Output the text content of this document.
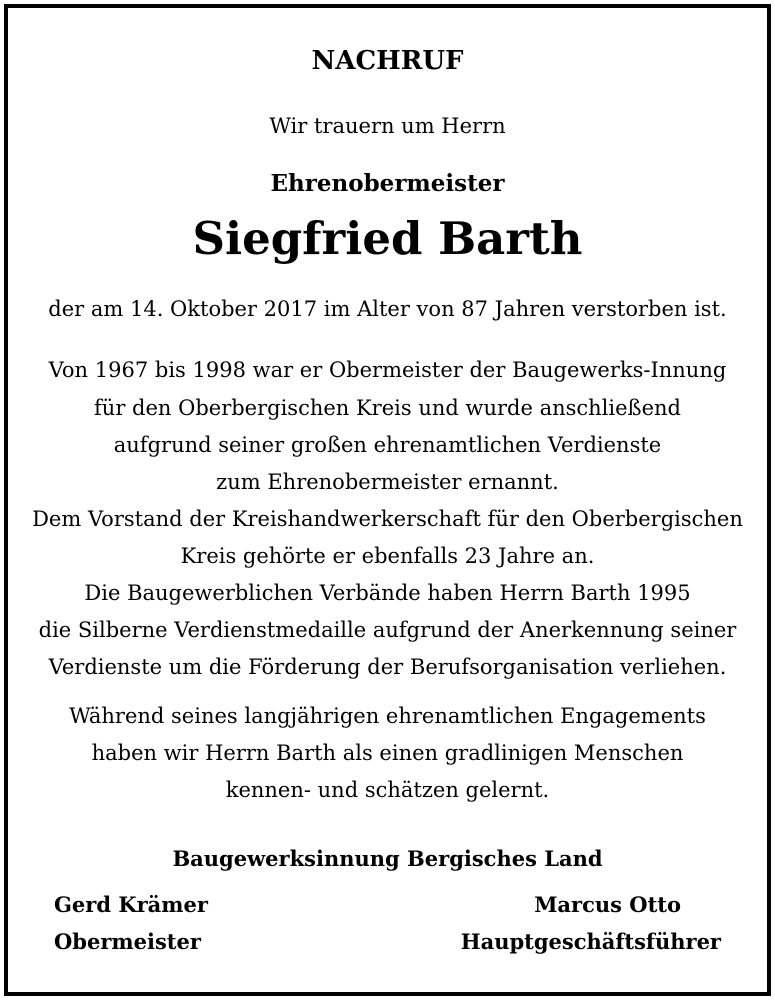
NACHRUF
Wir trauern um Herrn
Ehrenobermeister
Siegfried Barth
der am 14. Oktober 2017 im Alter von 87 Jahren verstorben ist.
Von 1967 bis 1998 war er Obermeister der Baugewerks-Innung
für den Oberbergischen Kreis und wurde anschließend
aufgrund seiner großen ehrenamtlichen Verdienste
zum Ehrenobermeister ernannt.
Dem Vorstand der Kreishandwerkerschaft für den Oberbergischen
Kreis gehörte er ebenfalls 23 Jahre an.
Die Baugewerblichen Verbände haben Herrn Barth 1995
die Silberne Verdienstmedaille aufgrund der Anerkennung seiner
Verdienste um die Förderung der Berufsorganisation verliehen.
Während seines langjährigen ehrenamtlichen Engagements
haben wir Herrn Barth als einen gradlinigen Menschen
kennen- und schätzen gelernt.
Baugewerksinnung Bergisches Land
Gerd Krämer
Obermeister
Marcus Otto
Hauptgeschäftsführer
